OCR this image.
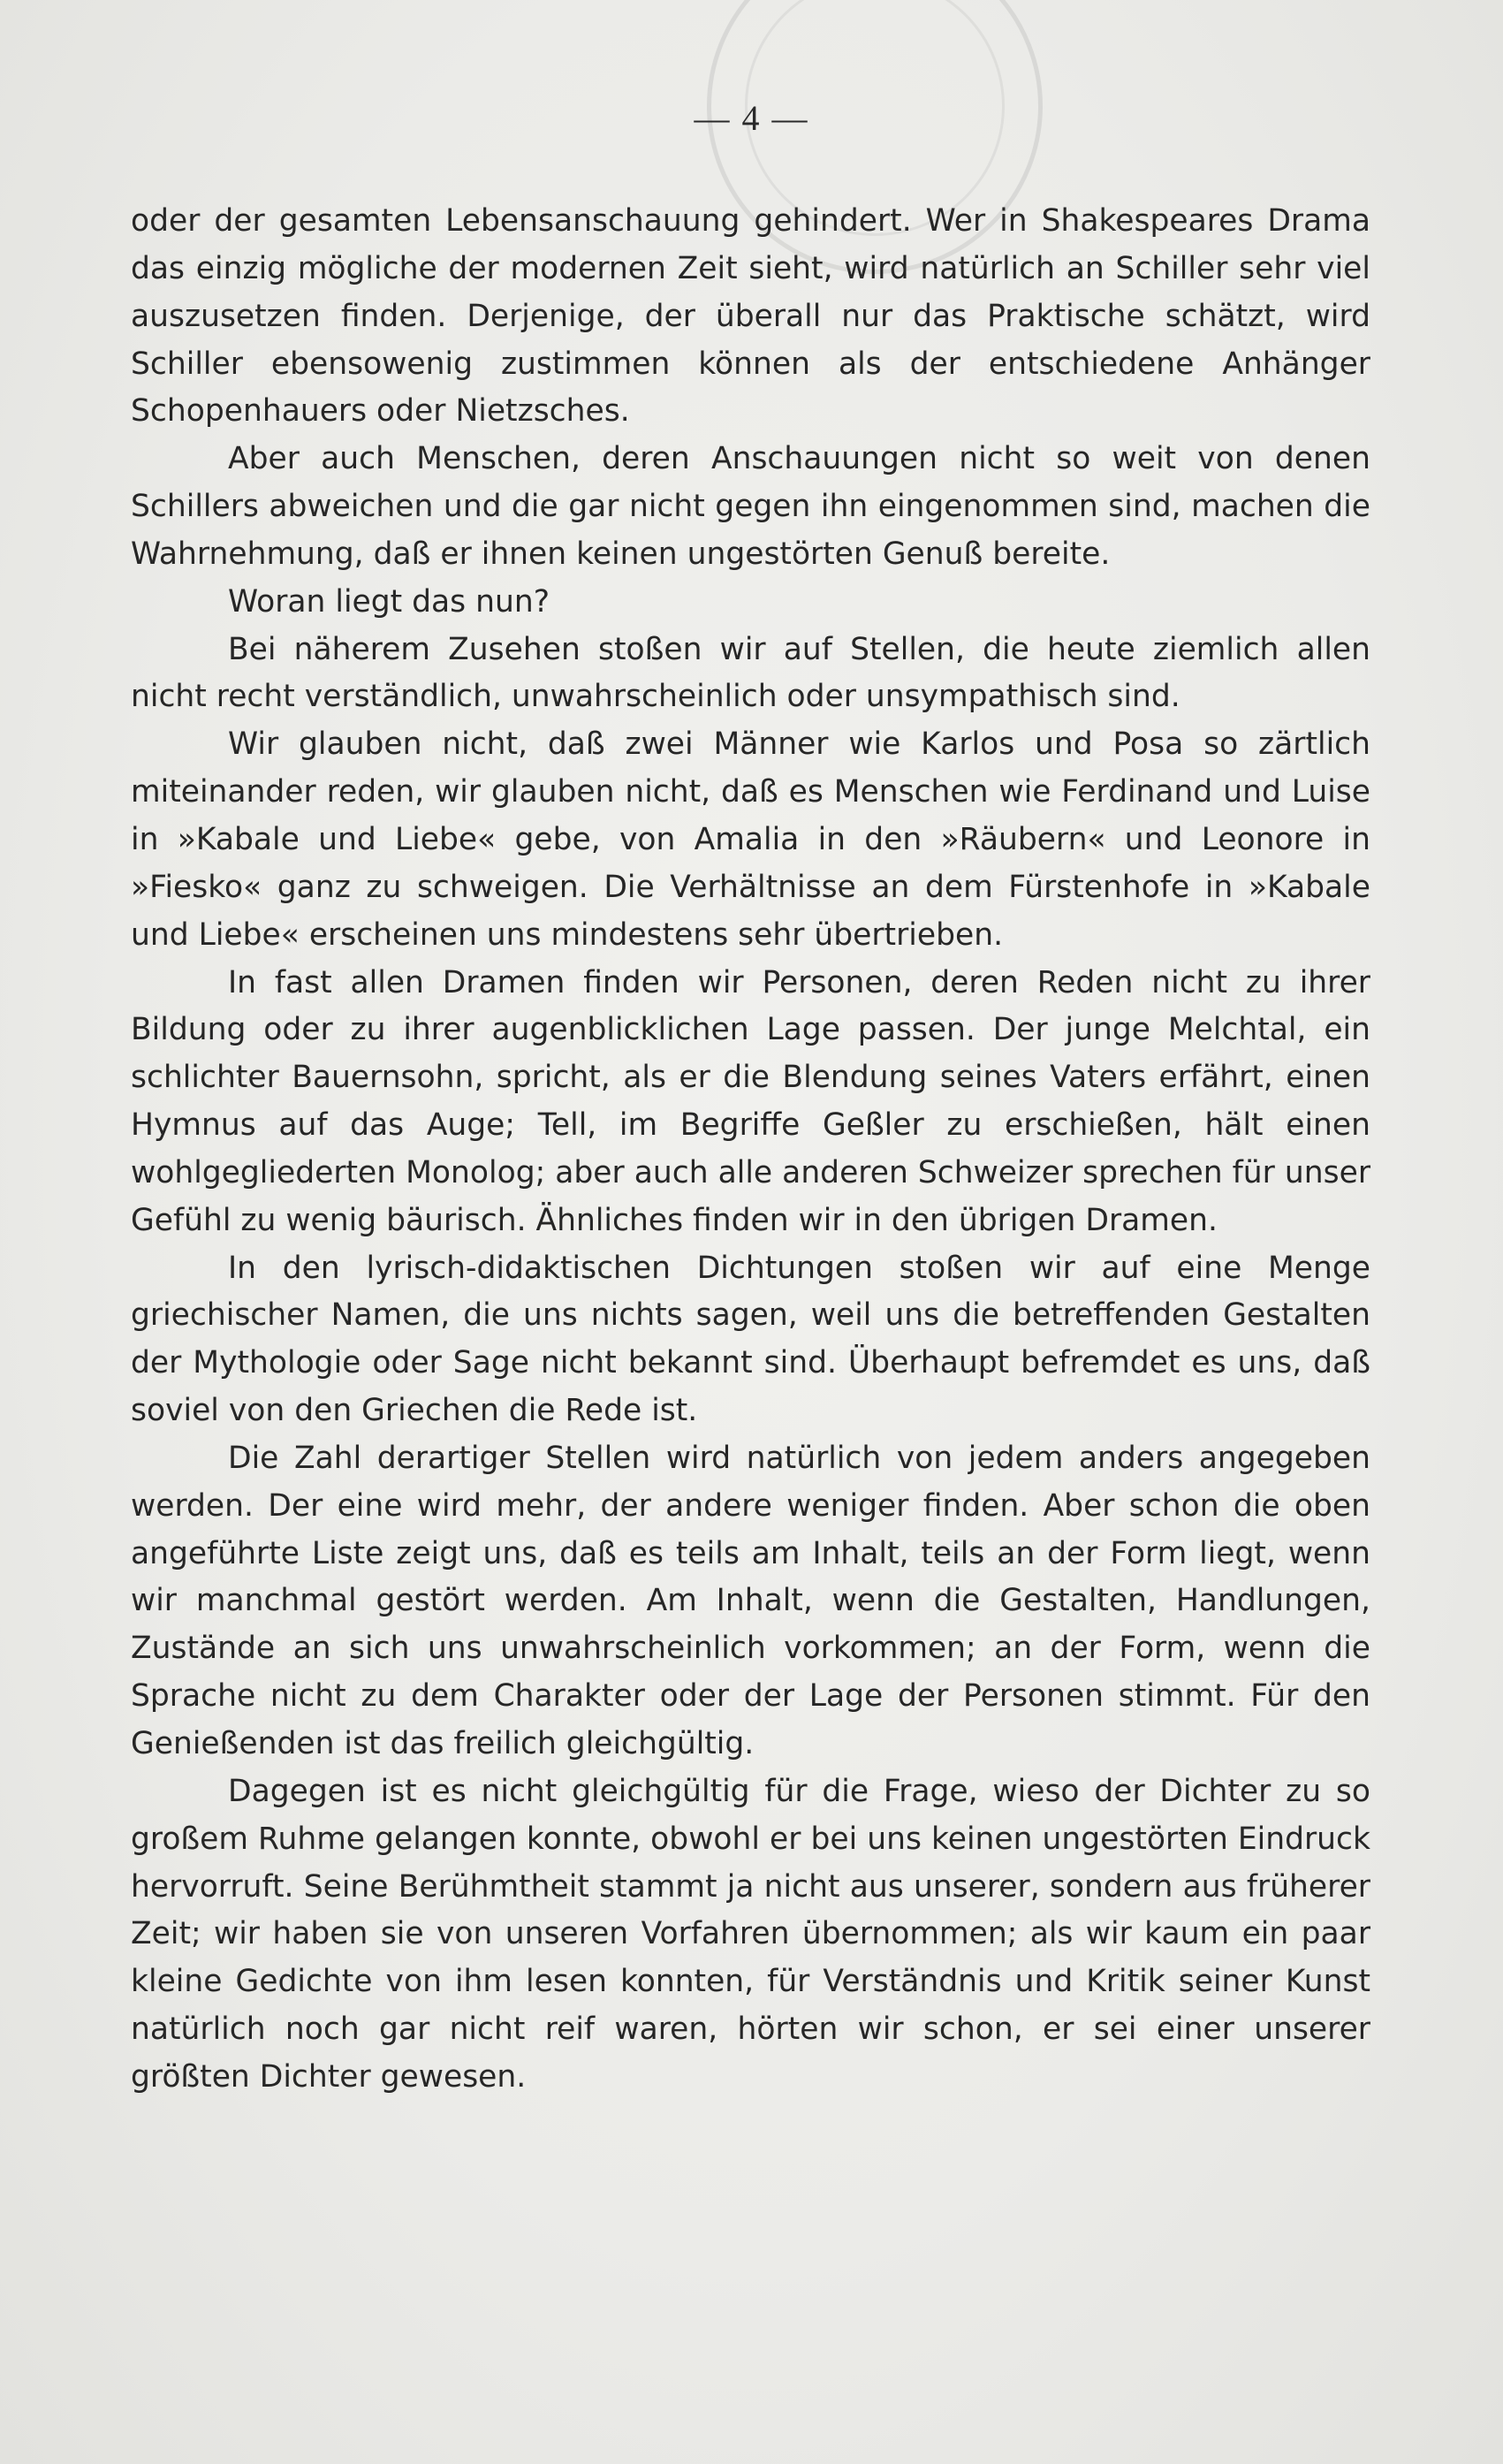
— 4 —

oder der gesamten Lebensanschauung gehindert. Wer in Shakespeares Drama das einzig mögliche der modernen Zeit sieht, wird natürlich an Schiller sehr viel auszusetzen finden. Derjenige, der überall nur das Praktische schätzt, wird Schiller ebensowenig zustimmen können als der entschiedene Anhänger Schopenhauers oder Nietzsches.

Aber auch Menschen, deren Anschauungen nicht so weit von denen Schillers abweichen und die gar nicht gegen ihn eingenommen sind, machen die Wahrnehmung, daß er ihnen keinen ungestörten Genuß bereite.

Woran liegt das nun?

Bei näherem Zusehen stoßen wir auf Stellen, die heute ziemlich allen nicht recht verständlich, unwahrscheinlich oder unsympathisch sind.

Wir glauben nicht, daß zwei Männer wie Karlos und Posa so zärtlich miteinander reden, wir glauben nicht, daß es Menschen wie Ferdinand und Luise in »Kabale und Liebe« gebe, von Amalia in den »Räubern« und Leonore in »Fiesko« ganz zu schweigen. Die Verhältnisse an dem Fürstenhofe in »Kabale und Liebe« erscheinen uns mindestens sehr übertrieben.

In fast allen Dramen finden wir Personen, deren Reden nicht zu ihrer Bildung oder zu ihrer augenblicklichen Lage passen. Der junge Melchtal, ein schlichter Bauernsohn, spricht, als er die Blendung seines Vaters erfährt, einen Hymnus auf das Auge; Tell, im Begriffe Geßler zu erschießen, hält einen wohlgegliederten Monolog; aber auch alle anderen Schweizer sprechen für unser Gefühl zu wenig bäurisch. Ähnliches finden wir in den übrigen Dramen.

In den lyrisch-didaktischen Dichtungen stoßen wir auf eine Menge griechischer Namen, die uns nichts sagen, weil uns die betreffenden Gestalten der Mythologie oder Sage nicht bekannt sind. Überhaupt befremdet es uns, daß soviel von den Griechen die Rede ist.

Die Zahl derartiger Stellen wird natürlich von jedem anders angegeben werden. Der eine wird mehr, der andere weniger finden. Aber schon die oben angeführte Liste zeigt uns, daß es teils am Inhalt, teils an der Form liegt, wenn wir manchmal gestört werden. Am Inhalt, wenn die Gestalten, Handlungen, Zustände an sich uns unwahrscheinlich vorkommen; an der Form, wenn die Sprache nicht zu dem Charakter oder der Lage der Personen stimmt. Für den Genießenden ist das freilich gleichgültig.

Dagegen ist es nicht gleichgültig für die Frage, wieso der Dichter zu so großem Ruhme gelangen konnte, obwohl er bei uns keinen ungestörten Eindruck hervorruft. Seine Berühmtheit stammt ja nicht aus unserer, sondern aus früherer Zeit; wir haben sie von unseren Vorfahren übernommen; als wir kaum ein paar kleine Gedichte von ihm lesen konnten, für Verständnis und Kritik seiner Kunst natürlich noch gar nicht reif waren, hörten wir schon, er sei einer unserer größten Dichter gewesen.
